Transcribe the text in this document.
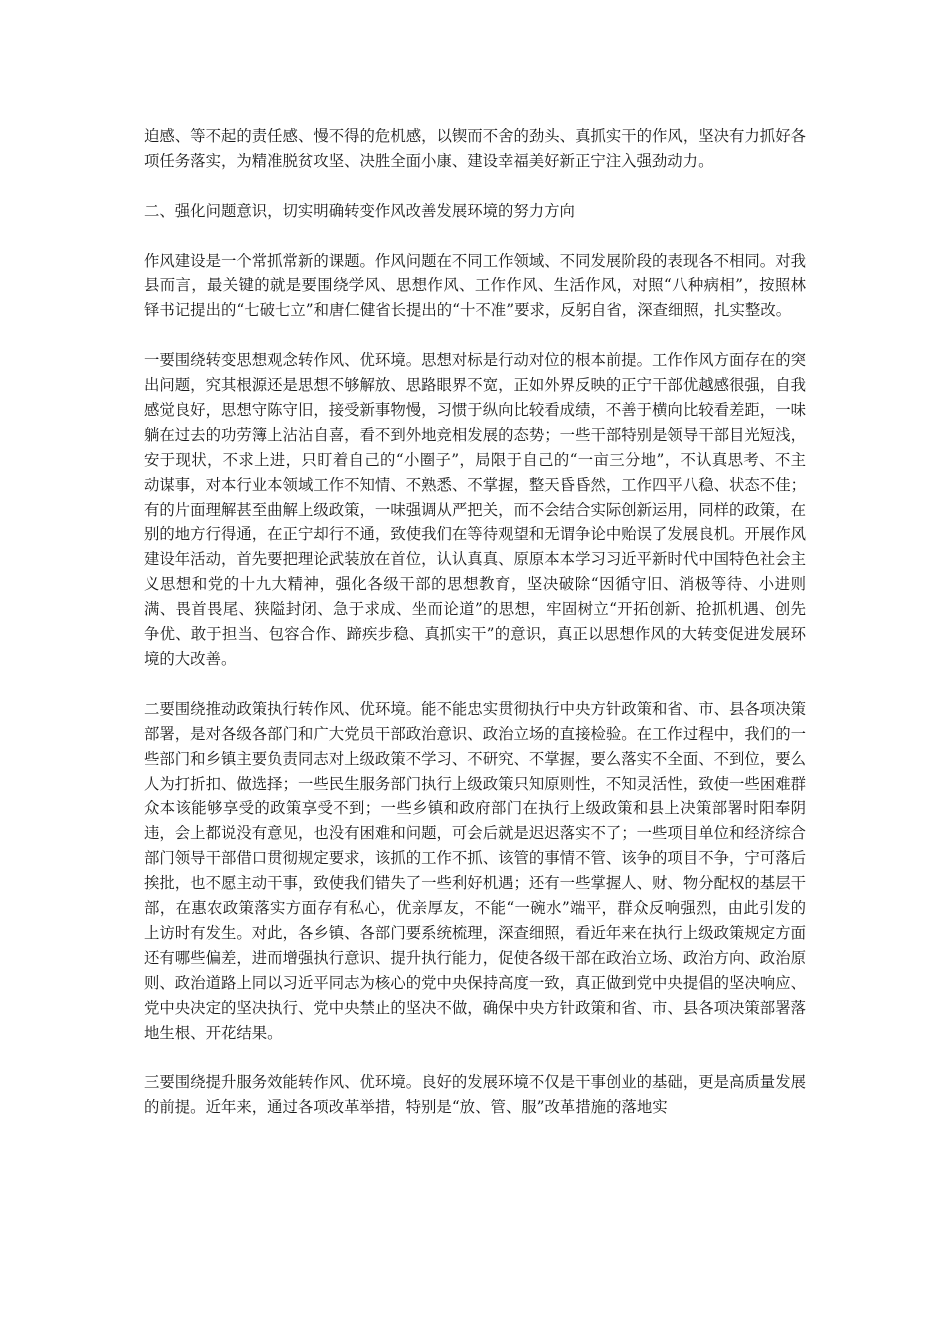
迫感、等不起的责任感、慢不得的危机感，以锲而不舍的劲头、真抓实干的作风，坚决有力抓好各项任务落实，为精准脱贫攻坚、决胜全面小康、建设幸福美好新正宁注入强劲动力。

二、强化问题意识，切实明确转变作风改善发展环境的努力方向

作风建设是一个常抓常新的课题。作风问题在不同工作领域、不同发展阶段的表现各不相同。对我县而言，最关键的就是要围绕学风、思想作风、工作作风、生活作风，对照“八种病相”，按照林铎书记提出的“七破七立”和唐仁健省长提出的“十不准”要求，反躬自省，深查细照，扎实整改。

一要围绕转变思想观念转作风、优环境。思想对标是行动对位的根本前提。工作作风方面存在的突出问题，究其根源还是思想不够解放、思路眼界不宽，正如外界反映的正宁干部优越感很强，自我感觉良好，思想守陈守旧，接受新事物慢，习惯于纵向比较看成绩，不善于横向比较看差距，一味躺在过去的功劳簿上沾沾自喜，看不到外地竞相发展的态势；一些干部特别是领导干部目光短浅，安于现状，不求上进，只盯着自己的“小圈子”，局限于自己的“一亩三分地”，不认真思考、不主动谋事，对本行业本领域工作不知情、不熟悉、不掌握，整天昏昏然，工作四平八稳、状态不佳；有的片面理解甚至曲解上级政策，一味强调从严把关，而不会结合实际创新运用，同样的政策，在别的地方行得通，在正宁却行不通，致使我们在等待观望和无谓争论中贻误了发展良机。开展作风建设年活动，首先要把理论武装放在首位，认认真真、原原本本学习习近平新时代中国特色社会主义思想和党的十九大精神，强化各级干部的思想教育，坚决破除“因循守旧、消极等待、小进则满、畏首畏尾、狭隘封闭、急于求成、坐而论道”的思想，牢固树立“开拓创新、抢抓机遇、创先争优、敢于担当、包容合作、蹄疾步稳、真抓实干”的意识，真正以思想作风的大转变促进发展环境的大改善。

二要围绕推动政策执行转作风、优环境。能不能忠实贯彻执行中央方针政策和省、市、县各项决策部署，是对各级各部门和广大党员干部政治意识、政治立场的直接检验。在工作过程中，我们的一些部门和乡镇主要负责同志对上级政策不学习、不研究、不掌握，要么落实不全面、不到位，要么人为打折扣、做选择；一些民生服务部门执行上级政策只知原则性，不知灵活性，致使一些困难群众本该能够享受的政策享受不到；一些乡镇和政府部门在执行上级政策和县上决策部署时阳奉阴违，会上都说没有意见，也没有困难和问题，可会后就是迟迟落实不了；一些项目单位和经济综合部门领导干部借口贯彻规定要求，该抓的工作不抓、该管的事情不管、该争的项目不争，宁可落后挨批，也不愿主动干事，致使我们错失了一些利好机遇；还有一些掌握人、财、物分配权的基层干部，在惠农政策落实方面存有私心，优亲厚友，不能“一碗水”端平，群众反响强烈，由此引发的上访时有发生。对此，各乡镇、各部门要系统梳理，深查细照，看近年来在执行上级政策规定方面还有哪些偏差，进而增强执行意识、提升执行能力，促使各级干部在政治立场、政治方向、政治原则、政治道路上同以习近平同志为核心的党中央保持高度一致，真正做到党中央提倡的坚决响应、党中央决定的坚决执行、党中央禁止的坚决不做，确保中央方针政策和省、市、县各项决策部署落地生根、开花结果。

三要围绕提升服务效能转作风、优环境。良好的发展环境不仅是干事创业的基础，更是高质量发展的前提。近年来，通过各项改革举措，特别是“放、管、服”改革措施的落地实
